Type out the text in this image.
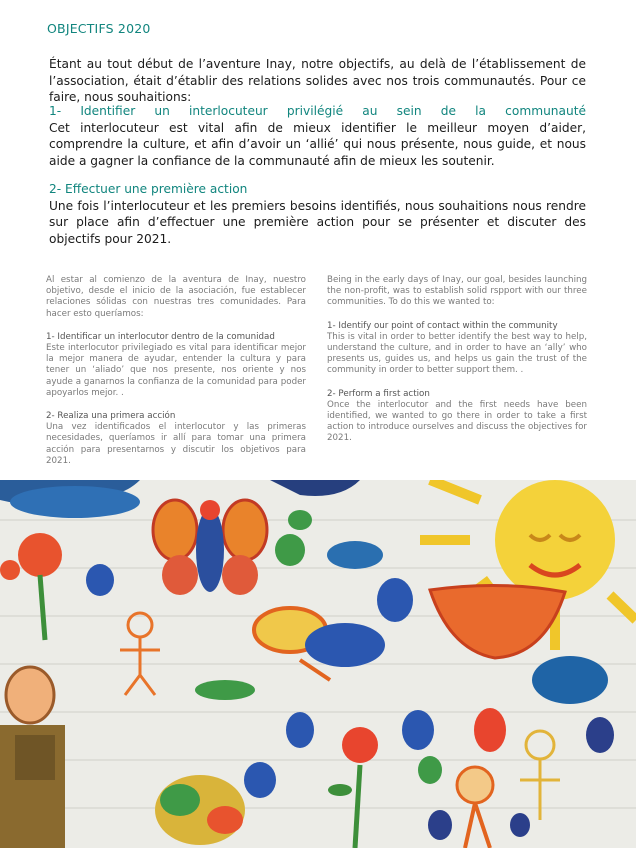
OBJECTIFS 2020

Étant au tout début de l’aventure Inay, notre objectifs, au delà de l’établissement de l’association, était d’établir des relations solides avec nos trois communautés. Pour ce faire, nous souhaitions:

1- Identifier un interlocuteur privilégié au sein de la communauté

Cet interlocuteur est vital afin de mieux identifier le meilleur moyen d’aider, comprendre la culture, et afin d’avoir un ‘allié’ qui nous présente, nous guide, et nous aide a gagner la confiance de la communauté afin de mieux les soutenir.

2- Effectuer une première action

Une fois l’interlocuteur et les premiers besoins identifiés, nous souhaitions nous rendre sur place afin d’effectuer une première action pour se présenter et discuter des objectifs pour 2021.

Al estar al comienzo de la aventura de Inay, nuestro objetivo, desde el inicio de la asociación, fue establecer relaciones sólidas con nuestras tres comunidades. Para hacer esto queríamos:

1- Identificar un interlocutor dentro de la comunidad
Este interlocutor privilegiado es vital para identificar mejor la mejor manera de ayudar, entender la cultura y para tener un ‘aliado’ que nos presente, nos oriente y nos ayude a ganarnos la confianza de la comunidad para poder apoyarlos mejor. .
2- Realiza una primera acción
Una vez identificados el interlocutor y las primeras necesidades, queríamos ir allí para tomar una primera acción para presentarnos y discutir los objetivos para 2021.

Being in the early days of Inay, our goal, besides launching the non-profit, was to establish solid rspport with our three communities. To do this we wanted to:

1- Identify our point of contact within the community
This is vital in order to better identify the best way to help, understand the culture, and in order to have an ‘ally’ who presents us, guides us, and helps us gain the trust of the community in order to better support them. .
2- Perform a first action
Once the interlocutor and the first needs have been identified, we wanted to go there in order to take a first action to introduce ourselves and discuss the objectives for 2021.
